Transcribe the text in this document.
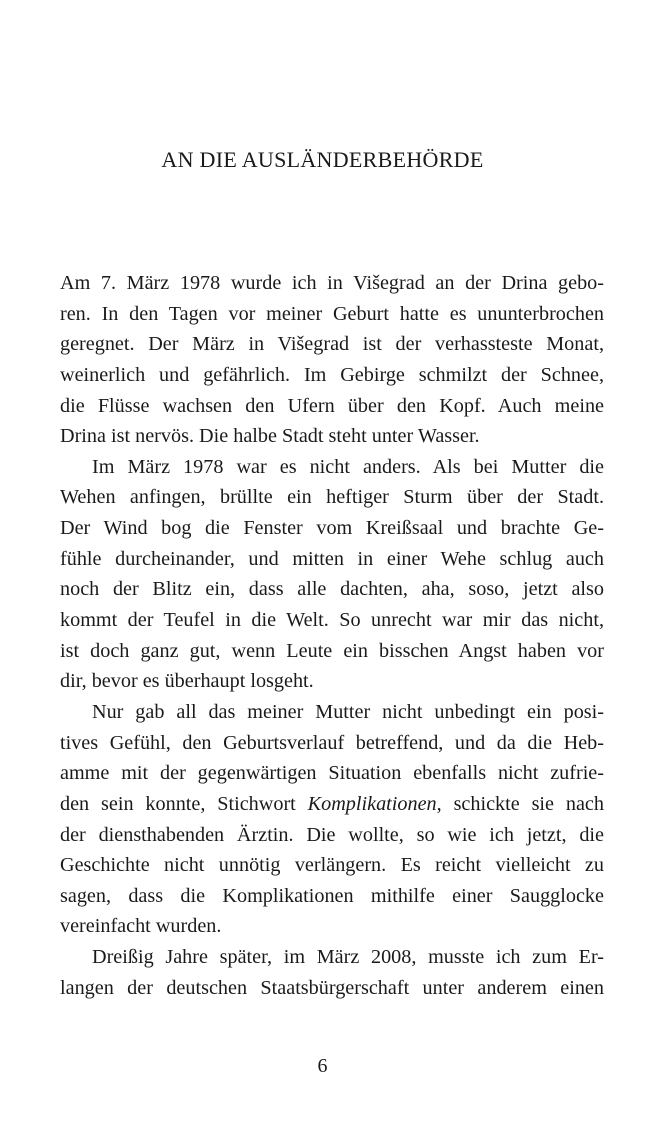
AN DIE AUSLÄNDERBEHÖRDE
Am 7. März 1978 wurde ich in Višegrad an der Drina gebo-
ren. In den Tagen vor meiner Geburt hatte es ununterbrochen
geregnet. Der März in Višegrad ist der verhassteste Monat,
weinerlich und gefährlich. Im Gebirge schmilzt der Schnee,
die Flüsse wachsen den Ufern über den Kopf. Auch meine
Drina ist nervös. Die halbe Stadt steht unter Wasser.
Im März 1978 war es nicht anders. Als bei Mutter die
Wehen anfingen, brüllte ein heftiger Sturm über der Stadt.
Der Wind bog die Fenster vom Kreißsaal und brachte Ge-
fühle durcheinander, und mitten in einer Wehe schlug auch
noch der Blitz ein, dass alle dachten, aha, soso, jetzt also
kommt der Teufel in die Welt. So unrecht war mir das nicht,
ist doch ganz gut, wenn Leute ein bisschen Angst haben vor
dir, bevor es überhaupt losgeht.
Nur gab all das meiner Mutter nicht unbedingt ein posi-
tives Gefühl, den Geburtsverlauf betreffend, und da die Heb-
amme mit der gegenwärtigen Situation ebenfalls nicht zufrie-
den sein konnte, Stichwort Komplikationen, schickte sie nach
der diensthabenden Ärztin. Die wollte, so wie ich jetzt, die
Geschichte nicht unnötig verlängern. Es reicht vielleicht zu
sagen, dass die Komplikationen mithilfe einer Saugglocke
vereinfacht wurden.
Dreißig Jahre später, im März 2008, musste ich zum Er-
langen der deutschen Staatsbürgerschaft unter anderem einen
6
